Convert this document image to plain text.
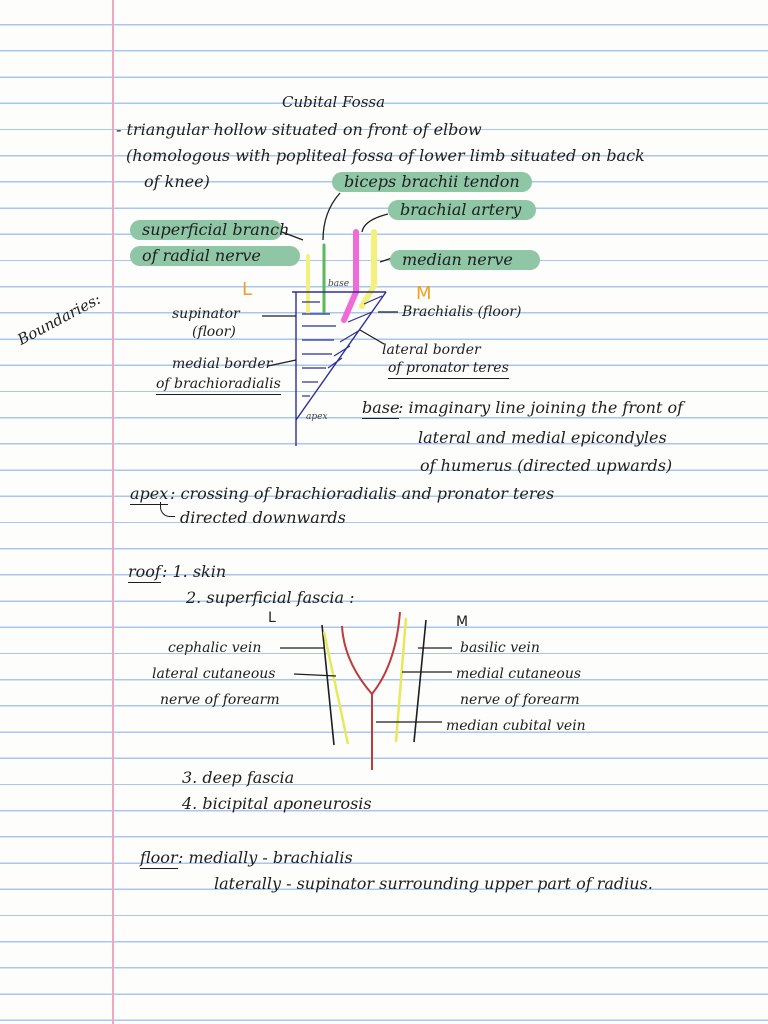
Cubital Fossa
- triangular hollow situated on front of elbow
(homologous with popliteal fossa of lower limb situated on back
of knee)
Boundaries:
biceps brachii tendon
brachial artery
superficial branch
of radial nerve	median nerve
L	M
base
apex
supinator
(floor)
Brachialis (floor)
medial border
of brachioradialis
lateral border
of pronator teres
base
: imaginary line joining the front of
lateral and medial epicondyles
of humerus (directed upwards)
apex : crossing of brachioradialis and pronator teres
directed downwards
roof : 1. skin
2. superficial fascia :
L	M
cephalic vein
lateral cutaneous
nerve of forearm
basilic vein
medial cutaneous
nerve of forearm
median cubital vein
3. deep fascia
4. bicipital aponeurosis
floor : medially - brachialis
laterally - supinator surrounding upper part of radius.
